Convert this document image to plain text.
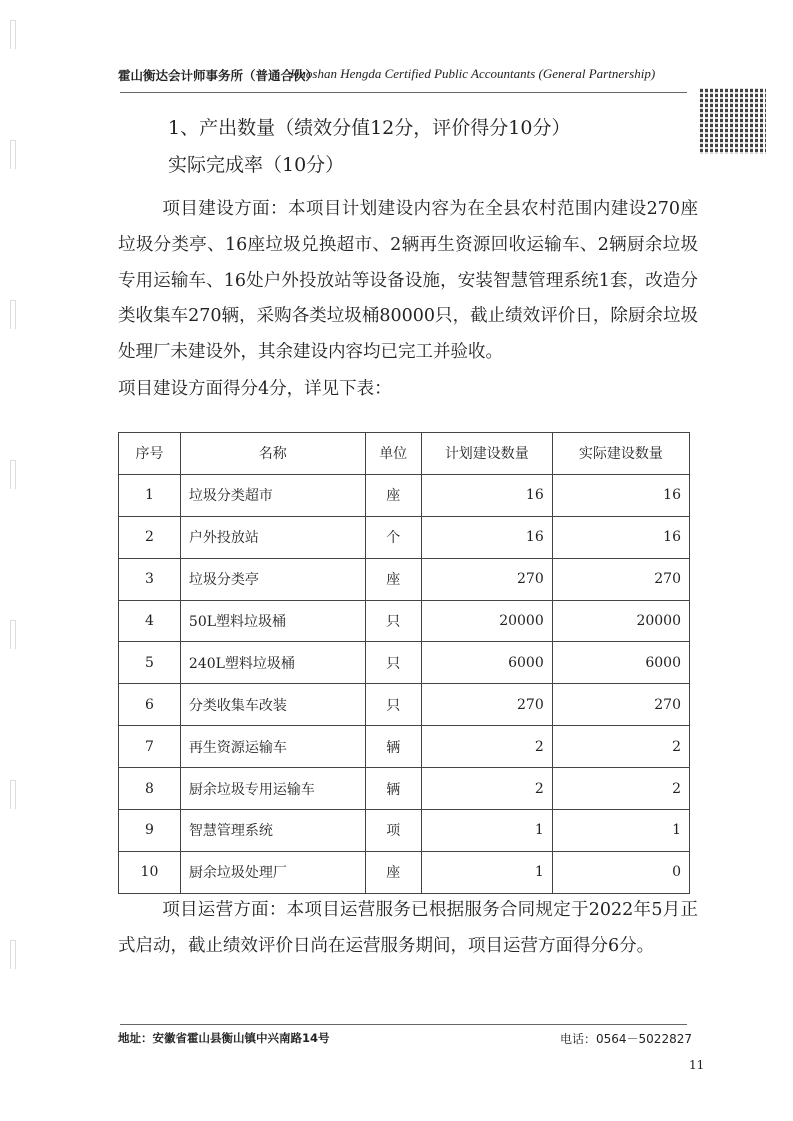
霍山衡达会计师事务所（普通合伙）
Huoshan Hengda Certified Public Accountants (General Partnership)
1、产出数量（绩效分值12分，评价得分10分）
实际完成率（10分）
项目建设方面：本项目计划建设内容为在全县农村范围内建设270座垃圾分类亭、16座垃圾兑换超市、2辆再生资源回收运输车、2辆厨余垃圾专用运输车、16处户外投放站等设备设施，安装智慧管理系统1套，改造分类收集车270辆，采购各类垃圾桶80000只，截止绩效评价日，除厨余垃圾处理厂未建设外，其余建设内容均已完工并验收。
项目建设方面得分4分，详见下表：
序号	名称	单位	计划建设数量	实际建设数量
1	垃圾分类超市	座	16	16
2	户外投放站	个	16	16
3	垃圾分类亭	座	270	270
4	50L塑料垃圾桶	只	20000	20000
5	240L塑料垃圾桶	只	6000	6000
6	分类收集车改装	只	270	270
7	再生资源运输车	辆	2	2
8	厨余垃圾专用运输车	辆	2	2
9	智慧管理系统	项	1	1
10	厨余垃圾处理厂	座	1	0
项目运营方面：本项目运营服务已根据服务合同规定于2022年5月正式启动，截止绩效评价日尚在运营服务期间，项目运营方面得分6分。
地址：安徽省霍山县衡山镇中兴南路14号	电话：0564－5022827
11
